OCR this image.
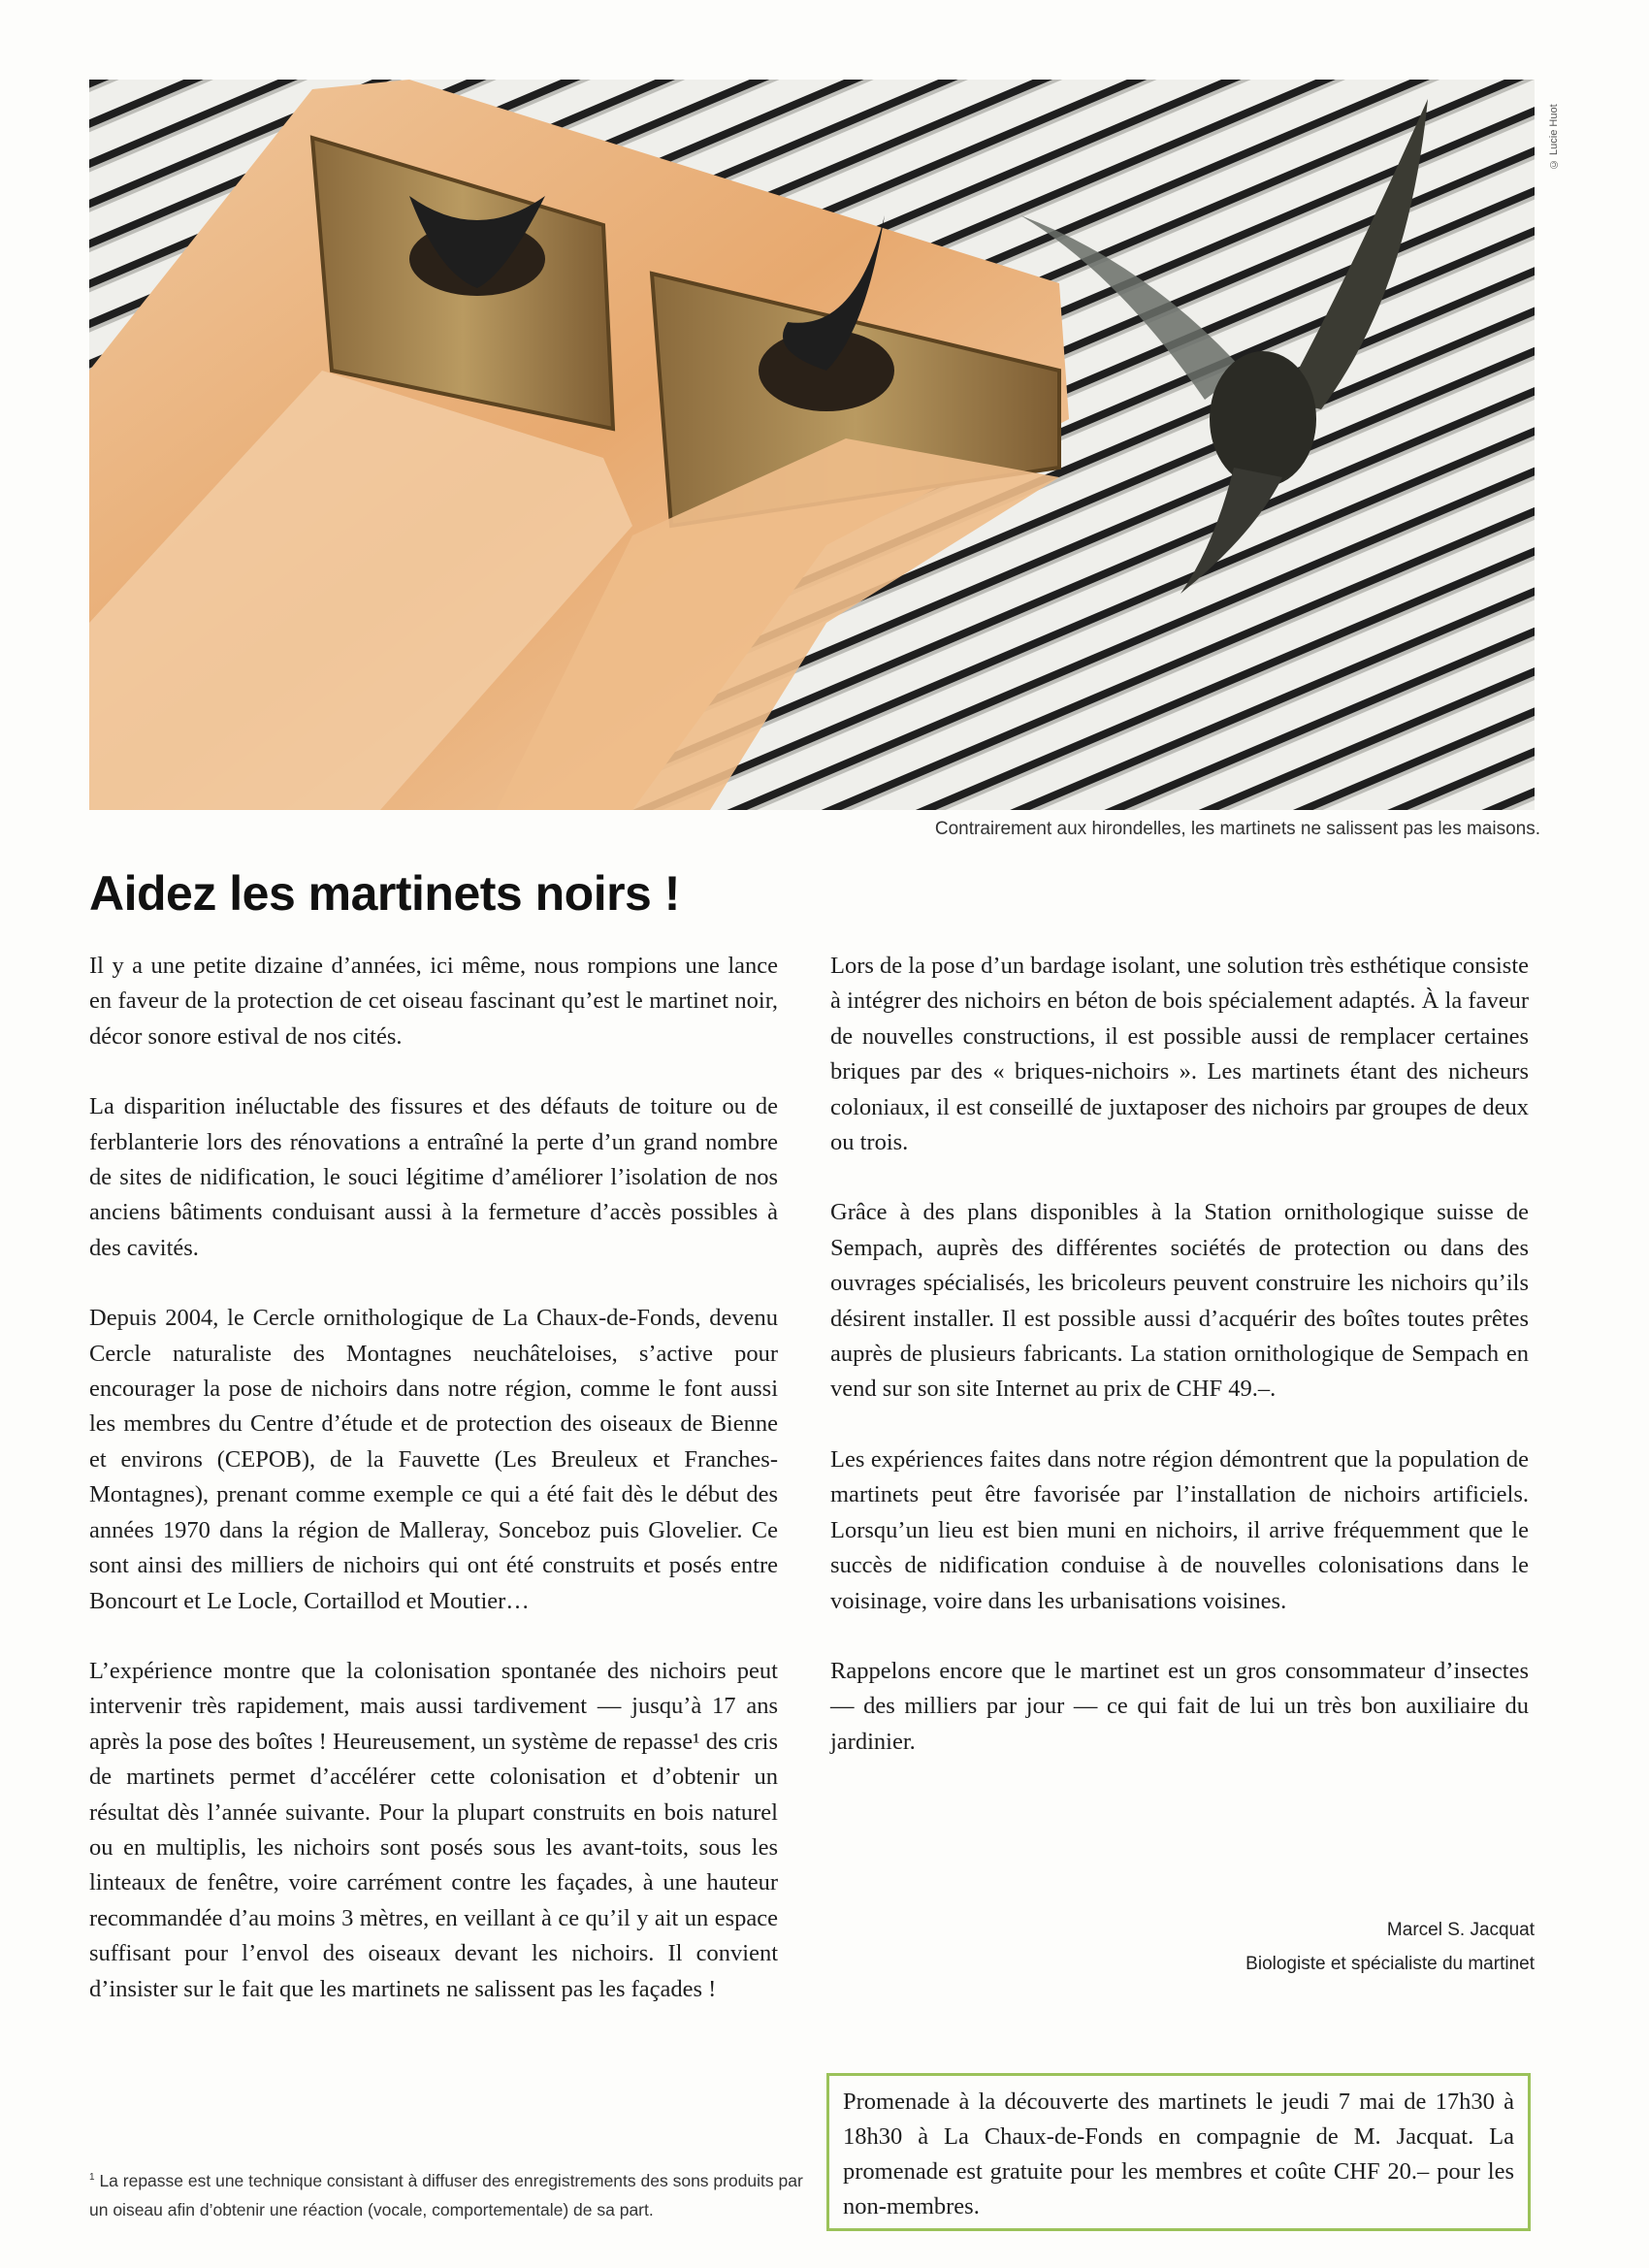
© Lucie Huot
Contrairement aux hirondelles, les martinets ne salissent pas les maisons.
Aidez les martinets noirs !

Il y a une petite dizaine d’années, ici même, nous rompions une lance en faveur de la protection de cet oiseau fascinant qu’est le martinet noir, décor sonore estival de nos cités.

La disparition inéluctable des fissures et des défauts de toiture ou de ferblanterie lors des rénovations a entraîné la perte d’un grand nombre de sites de nidification, le souci légitime d’améliorer l’isolation de nos anciens bâtiments conduisant aussi à la fermeture d’accès possibles à des cavités.

Depuis 2004, le Cercle ornithologique de La Chaux-de-Fonds, devenu Cercle naturaliste des Montagnes neuchâteloises, s’active pour encourager la pose de nichoirs dans notre région, comme le font aussi les membres du Centre d’étude et de protection des oiseaux de Bienne et environs (CEPOB), de la Fauvette (Les Breuleux et Franches-Montagnes), prenant comme exemple ce qui a été fait dès le début des années 1970 dans la région de Malleray, Sonceboz puis Glovelier. Ce sont ainsi des milliers de nichoirs qui ont été construits et posés entre Boncourt et Le Locle, Cortaillod et Moutier…

L’expérience montre que la colonisation spontanée des nichoirs peut intervenir très rapidement, mais aussi tardivement — jusqu’à 17 ans après la pose des boîtes ! Heureusement, un système de repasse¹ des cris de martinets permet d’accélérer cette colonisation et d’obtenir un résultat dès l’année suivante. Pour la plupart construits en bois naturel ou en multiplis, les nichoirs sont posés sous les avant-toits, sous les linteaux de fenêtre, voire carrément contre les façades, à une hauteur recommandée d’au moins 3 mètres, en veillant à ce qu’il y ait un espace suffisant pour l’envol des oiseaux devant les nichoirs. Il convient d’insister sur le fait que les martinets ne salissent pas les façades !

Lors de la pose d’un bardage isolant, une solution très esthétique consiste à intégrer des nichoirs en béton de bois spécialement adaptés. À la faveur de nouvelles constructions, il est possible aussi de remplacer certaines briques par des « briques-nichoirs ». Les martinets étant des nicheurs coloniaux, il est conseillé de juxtaposer des nichoirs par groupes de deux ou trois.

Grâce à des plans disponibles à la Station ornithologique suisse de Sempach, auprès des différentes sociétés de protection ou dans des ouvrages spécialisés, les bricoleurs peuvent construire les nichoirs qu’ils désirent installer. Il est possible aussi d’acquérir des boîtes toutes prêtes auprès de plusieurs fabricants. La station ornithologique de Sempach en vend sur son site Internet au prix de CHF 49.–.

Les expériences faites dans notre région démontrent que la population de martinets peut être favorisée par l’installation de nichoirs artificiels. Lorsqu’un lieu est bien muni en nichoirs, il arrive fréquemment que le succès de nidification conduise à de nouvelles colonisations dans le voisinage, voire dans les urbanisations voisines.

Rappelons encore que le martinet est un gros consommateur d’insectes — des milliers par jour — ce qui fait de lui un très bon auxiliaire du jardinier.

Marcel S. Jacquat
Biologiste et spécialiste du martinet
Promenade à la découverte des martinets le jeudi 7 mai de 17h30 à 18h30 à La Chaux-de-Fonds en compagnie de M. Jacquat. La promenade est gratuite pour les membres et coûte CHF 20.– pour les non-membres.
$^1$ La repasse est une technique consistant à diffuser des enregistrements des sons produits par un oiseau afin d’obtenir une réaction (vocale, comportementale) de sa part.
